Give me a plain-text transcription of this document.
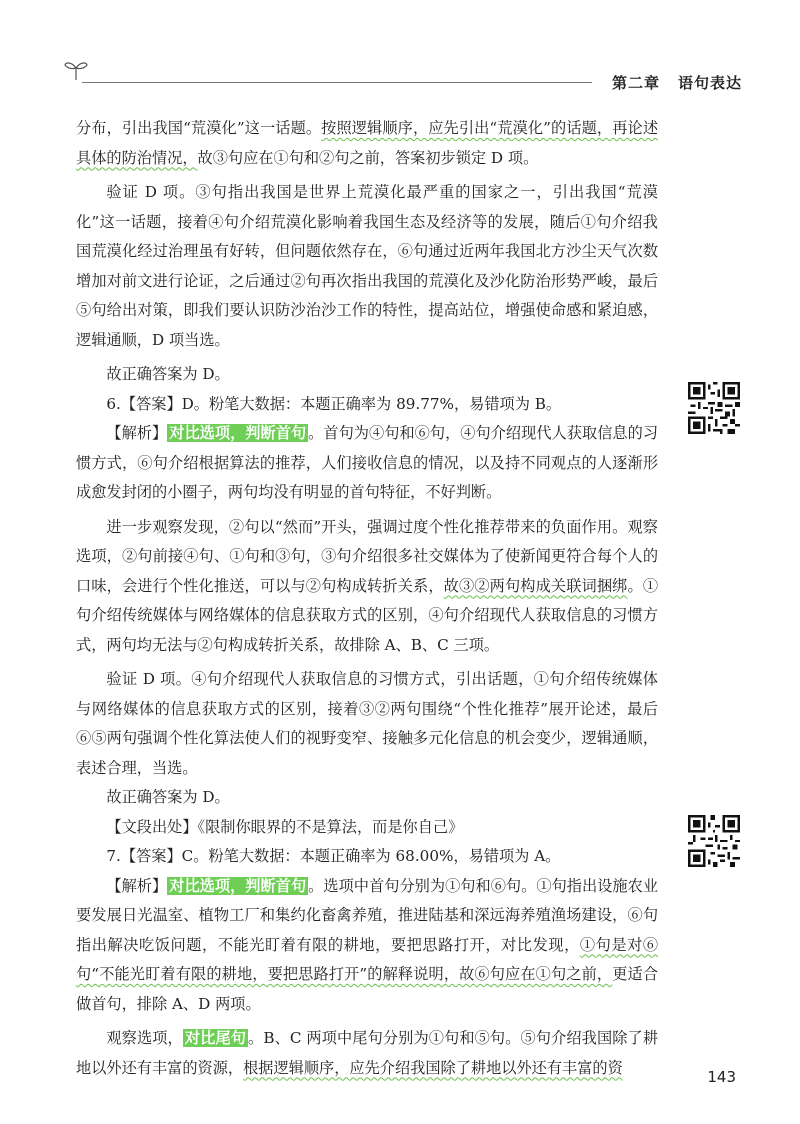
第二章 语句表达

分布，引出我国“荒漠化”这一话题。按照逻辑顺序，应先引出“荒漠化”的话题，再论述具体的防治情况，故③句应在①句和②句之前，答案初步锁定 D 项。

验证 D 项。③句指出我国是世界上荒漠化最严重的国家之一，引出我国“荒漠化”这一话题，接着④句介绍荒漠化影响着我国生态及经济等的发展，随后①句介绍我国荒漠化经过治理虽有好转，但问题依然存在，⑥句通过近两年我国北方沙尘天气次数增加对前文进行论证，之后通过②句再次指出我国的荒漠化及沙化防治形势严峻，最后⑤句给出对策，即我们要认识防沙治沙工作的特性，提高站位，增强使命感和紧迫感，逻辑通顺，D 项当选。

故正确答案为 D。

6.【答案】D。粉笔大数据：本题正确率为 89.77%，易错项为 B。

【解析】 对比选项，判断首句 。首句为④句和⑥句，④句介绍现代人获取信息的习惯方式，⑥句介绍根据算法的推荐，人们接收信息的情况，以及持不同观点的人逐渐形成愈发封闭的小圈子，两句均没有明显的首句特征，不好判断。

进一步观察发现，②句以“然而”开头，强调过度个性化推荐带来的负面作用。观察选项，②句前接④句、①句和③句，③句介绍很多社交媒体为了使新闻更符合每个人的口味，会进行个性化推送，可以与②句构成转折关系，故③②两句构成关联词捆绑。①句介绍传统媒体与网络媒体的信息获取方式的区别，④句介绍现代人获取信息的习惯方式，两句均无法与②句构成转折关系，故排除 A、B、C 三项。

验证 D 项。④句介绍现代人获取信息的习惯方式，引出话题，①句介绍传统媒体与网络媒体的信息获取方式的区别，接着③②两句围绕“个性化推荐”展开论述，最后⑥⑤两句强调个性化算法使人们的视野变窄、接触多元化信息的机会变少，逻辑通顺，表述合理，当选。

故正确答案为 D。

【文段出处】《限制你眼界的不是算法，而是你自己》

7.【答案】C。粉笔大数据：本题正确率为 68.00%，易错项为 A。

【解析】 对比选项，判断首句 。选项中首句分别为①句和⑥句。①句指出设施农业要发展日光温室、植物工厂和集约化畜禽养殖，推进陆基和深远海养殖渔场建设，⑥句指出解决吃饭问题，不能光盯着有限的耕地，要把思路打开，对比发现，①句是对⑥句“不能光盯着有限的耕地，要把思路打开”的解释说明，故⑥句应在①句之前，更适合做首句，排除 A、D 两项。

观察选项， 对比尾句 。B、C 两项中尾句分别为①句和⑤句。⑤句介绍我国除了耕地以外还有丰富的资源，根据逻辑顺序，应先介绍我国除了耕地以外还有丰富的资

143
